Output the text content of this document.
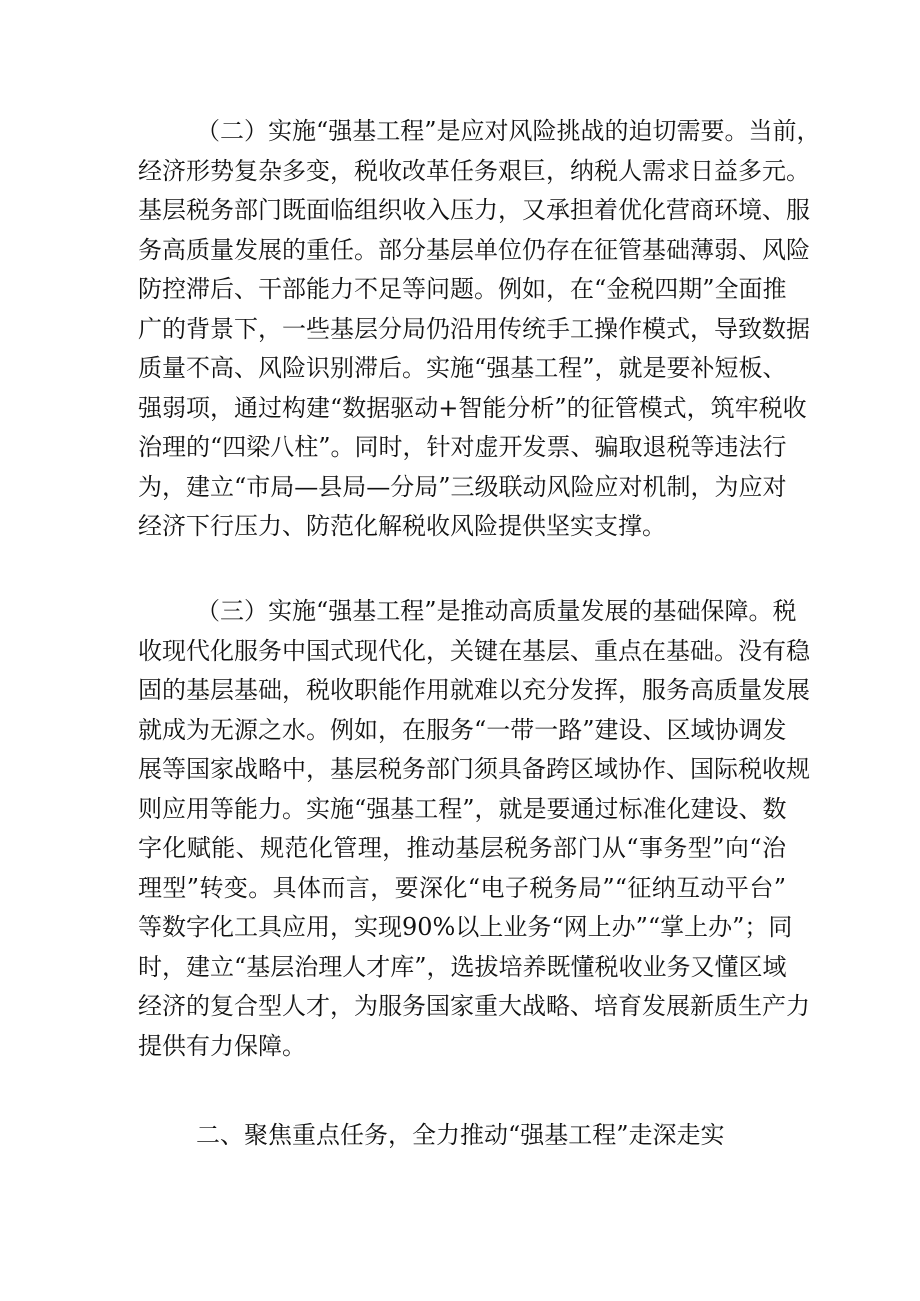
（二）实施“强基工程”是应对风险挑战的迫切需要。当前，
经济形势复杂多变，税收改革任务艰巨，纳税人需求日益多元。
基层税务部门既面临组织收入压力，又承担着优化营商环境、服
务高质量发展的重任。部分基层单位仍存在征管基础薄弱、风险
防控滞后、干部能力不足等问题。例如，在“金税四期”全面推
广的背景下，一些基层分局仍沿用传统手工操作模式，导致数据
质量不高、风险识别滞后。实施“强基工程”，就是要补短板、
强弱项，通过构建“数据驱动+智能分析”的征管模式，筑牢税收
治理的“四梁八柱”。同时，针对虚开发票、骗取退税等违法行
为，建立“市局—县局—分局”三级联动风险应对机制，为应对
经济下行压力、防范化解税收风险提供坚实支撑。

（三）实施“强基工程”是推动高质量发展的基础保障。税
收现代化服务中国式现代化，关键在基层、重点在基础。没有稳
固的基层基础，税收职能作用就难以充分发挥，服务高质量发展
就成为无源之水。例如，在服务“一带一路”建设、区域协调发
展等国家战略中，基层税务部门须具备跨区域协作、国际税收规
则应用等能力。实施“强基工程”，就是要通过标准化建设、数
字化赋能、规范化管理，推动基层税务部门从“事务型”向“治
理型”转变。具体而言，要深化“电子税务局”“征纳互动平台”
等数字化工具应用，实现90%以上业务“网上办”“掌上办”；同
时，建立“基层治理人才库”，选拔培养既懂税收业务又懂区域
经济的复合型人才，为服务国家重大战略、培育发展新质生产力
提供有力保障。

二、聚焦重点任务，全力推动“强基工程”走深走实
